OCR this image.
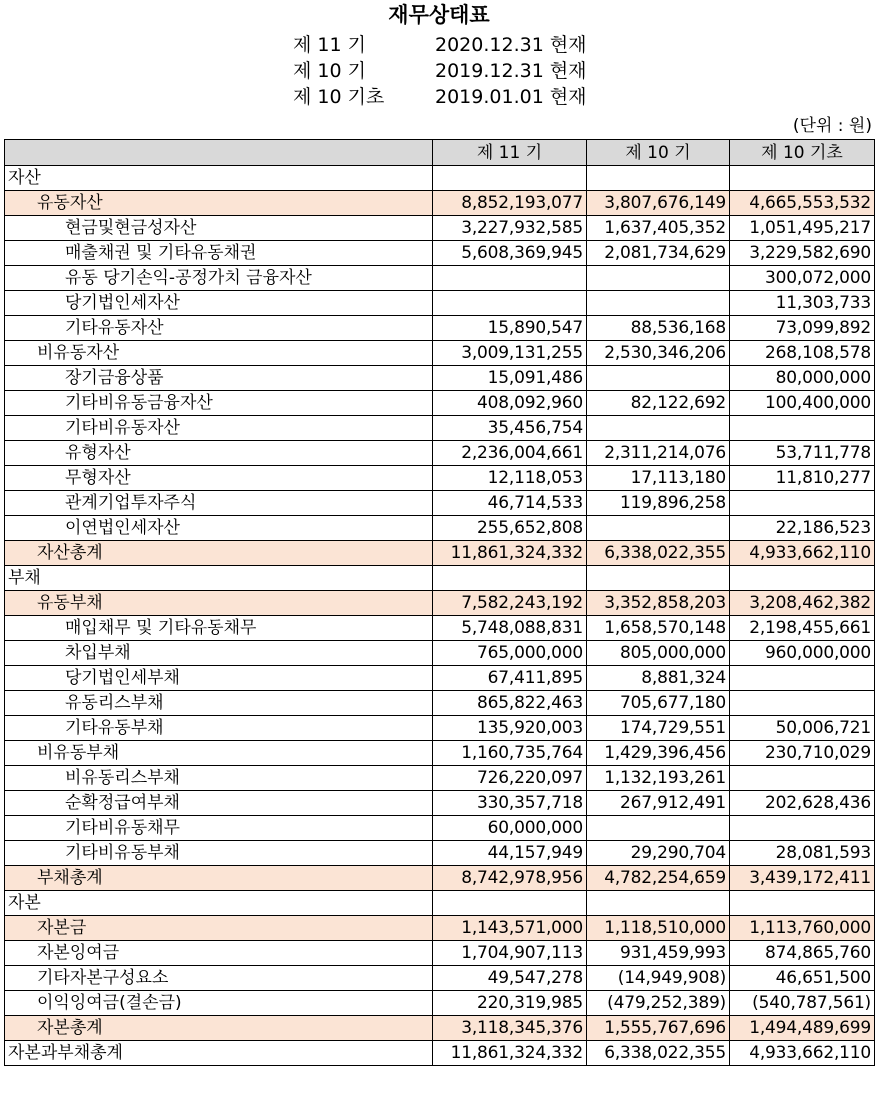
재무상태표
제 11 기	2020.12.31 현재
제 10 기	2019.12.31 현재
제 10 기초	2019.01.01 현재
(단위 : 원)
	제 11 기	제 10 기	제 10 기초
자산			
유동자산	8,852,193,077	3,807,676,149	4,665,553,532
현금및현금성자산	3,227,932,585	1,637,405,352	1,051,495,217
매출채권 및 기타유동채권	5,608,369,945	2,081,734,629	3,229,582,690
유동 당기손익-공정가치 금융자산			300,072,000
당기법인세자산			11,303,733
기타유동자산	15,890,547	88,536,168	73,099,892
비유동자산	3,009,131,255	2,530,346,206	268,108,578
장기금융상품	15,091,486		80,000,000
기타비유동금융자산	408,092,960	82,122,692	100,400,000
기타비유동자산	35,456,754		
유형자산	2,236,004,661	2,311,214,076	53,711,778
무형자산	12,118,053	17,113,180	11,810,277
관계기업투자주식	46,714,533	119,896,258	
이연법인세자산	255,652,808		22,186,523
자산총계	11,861,324,332	6,338,022,355	4,933,662,110
부채			
유동부채	7,582,243,192	3,352,858,203	3,208,462,382
매입채무 및 기타유동채무	5,748,088,831	1,658,570,148	2,198,455,661
차입부채	765,000,000	805,000,000	960,000,000
당기법인세부채	67,411,895	8,881,324	
유동리스부채	865,822,463	705,677,180	
기타유동부채	135,920,003	174,729,551	50,006,721
비유동부채	1,160,735,764	1,429,396,456	230,710,029
비유동리스부채	726,220,097	1,132,193,261	
순확정급여부채	330,357,718	267,912,491	202,628,436
기타비유동채무	60,000,000		
기타비유동부채	44,157,949	29,290,704	28,081,593
부채총계	8,742,978,956	4,782,254,659	3,439,172,411
자본			
자본금	1,143,571,000	1,118,510,000	1,113,760,000
자본잉여금	1,704,907,113	931,459,993	874,865,760
기타자본구성요소	49,547,278	(14,949,908)	46,651,500
이익잉여금(결손금)	220,319,985	(479,252,389)	(540,787,561)
자본총계	3,118,345,376	1,555,767,696	1,494,489,699
자본과부채총계	11,861,324,332	6,338,022,355	4,933,662,110
